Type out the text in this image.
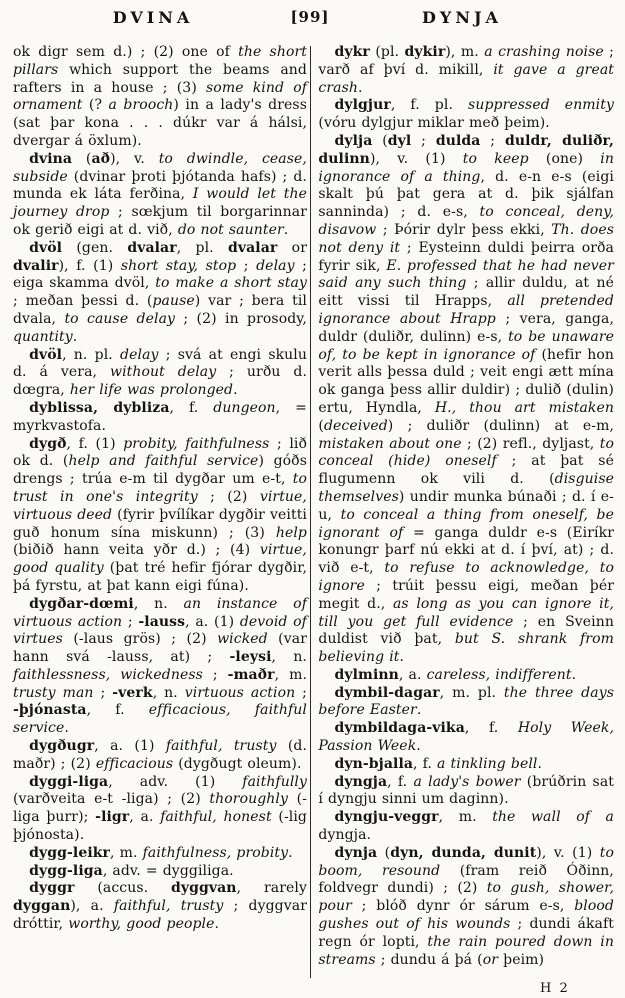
DVINA	[99]	DYNJA

ok digr sem d.) ; (2) one of the short pillars which support the beams and rafters in a house ; (3) some kind of ornament (? a brooch) in a lady's dress (sat þar kona . . . dúkr var á hálsi, dvergar á öxlum).

dvina (að), v. to dwindle, cease, subside (dvinar þroti þjótanda hafs) ; d. munda ek láta ferðina, I would let the journey drop ; sœkjum til borgarinnar ok gerið eigi at d. við, do not saunter.

dvöl (gen. dvalar, pl. dvalar or dvalir), f. (1) short stay, stop ; delay ; eiga skamma dvöl, to make a short stay ; meðan þessi d. (pause) var ; bera til dvala, to cause delay ; (2) in prosody, quantity.

dvöl, n. pl. delay ; svá at engi skulu d. á vera, without delay ; urðu d. dœgra, her life was prolonged.

dyblissa, dybliza, f. dungeon, = myrkvastofa.

dygð, f. (1) probity, faithfulness ; lið ok d. (help and faithful service) góðs drengs ; trúa e-m til dygðar um e-t, to trust in one's integrity ; (2) virtue, virtuous deed (fyrir þvílíkar dygðir veitti guð honum sína miskunn) ; (3) help (biðið hann veita yðr d.) ; (4) virtue, good quality (þat tré hefir fjórar dygðir, þá fyrstu, at þat kann eigi fúna).

dygðar-dœmi, n. an instance of virtuous action ; -lauss, a. (1) devoid of virtues (-laus grös) ; (2) wicked (var hann svá -lauss, at) ; -leysi, n. faithlessness, wickedness ; -maðr, m. trusty man ; -verk, n. virtuous action ; -þjónasta, f. efficacious, faithful service.

dygðugr, a. (1) faithful, trusty (d. maðr) ; (2) efficacious (dygðugt oleum).

dyggi-liga, adv. (1) faithfully (varðveita e-t -liga) ; (2) thoroughly (-liga þurr); -ligr, a. faithful, honest (-lig þjónosta).

dygg-leikr, m. faithfulness, probity.

dygg-liga, adv. = dyggiliga.

dyggr (accus. dyggvan, rarely dyggan), a. faithful, trusty ; dyggvar dróttir, worthy, good people.

dykr (pl. dykir), m. a crashing noise ; varð af því d. mikill, it gave a great crash.

dylgjur, f. pl. suppressed enmity (vóru dylgjur miklar með þeim).

dylja (dyl ; dulda ; duldr, duliðr, dulinn), v. (1) to keep (one) in ignorance of a thing, d. e-n e-s (eigi skalt þú þat gera at d. þik sjálfan sanninda) ; d. e-s, to conceal, deny, disavow ; Þórir dylr þess ekki, Th. does not deny it ; Eysteinn duldi þeirra orða fyrir sik, E. professed that he had never said any such thing ; allir duldu, at né eitt vissi til Hrapps, all pretended ignorance about Hrapp ; vera, ganga, duldr (duliðr, dulinn) e-s, to be unaware of, to be kept in ignorance of (hefir hon verit alls þessa duld ; veit engi ætt mína ok ganga þess allir duldir) ; dulið (dulin) ertu, Hyndla, H., thou art mistaken (deceived) ; duliðr (dulinn) at e-m, mistaken about one ; (2) refl., dyljast, to conceal (hide) oneself ; at þat sé flugumenn ok vili d. (disguise themselves) undir munka búnaði ; d. í e-u, to conceal a thing from oneself, be ignorant of = ganga duldr e-s (Eiríkr konungr þarf nú ekki at d. í því, at) ; d. við e-t, to refuse to acknowledge, to ignore ; trúit þessu eigi, meðan þér megit d., as long as you can ignore it, till you get full evidence ; en Sveinn duldist við þat, but S. shrank from believing it.

dylminn, a. careless, indifferent.

dymbil-dagar, m. pl. the three days before Easter.

dymbildaga-vika, f. Holy Week, Passion Week.

dyn-bjalla, f. a tinkling bell.

dyngja, f. a lady's bower (brúðrin sat í dyngju sinni um daginn).

dyngju-veggr, m. the wall of a dyngja.

dynja (dyn, dunda, dunit), v. (1) to boom, resound (fram reið Óðinn, foldvegr dundi) ; (2) to gush, shower, pour ; blóð dynr ór sárum e-s, blood gushes out of his wounds ; dundi ákaft regn ór lopti, the rain poured down in streams ; dundu á þá (or þeim)

H 2
